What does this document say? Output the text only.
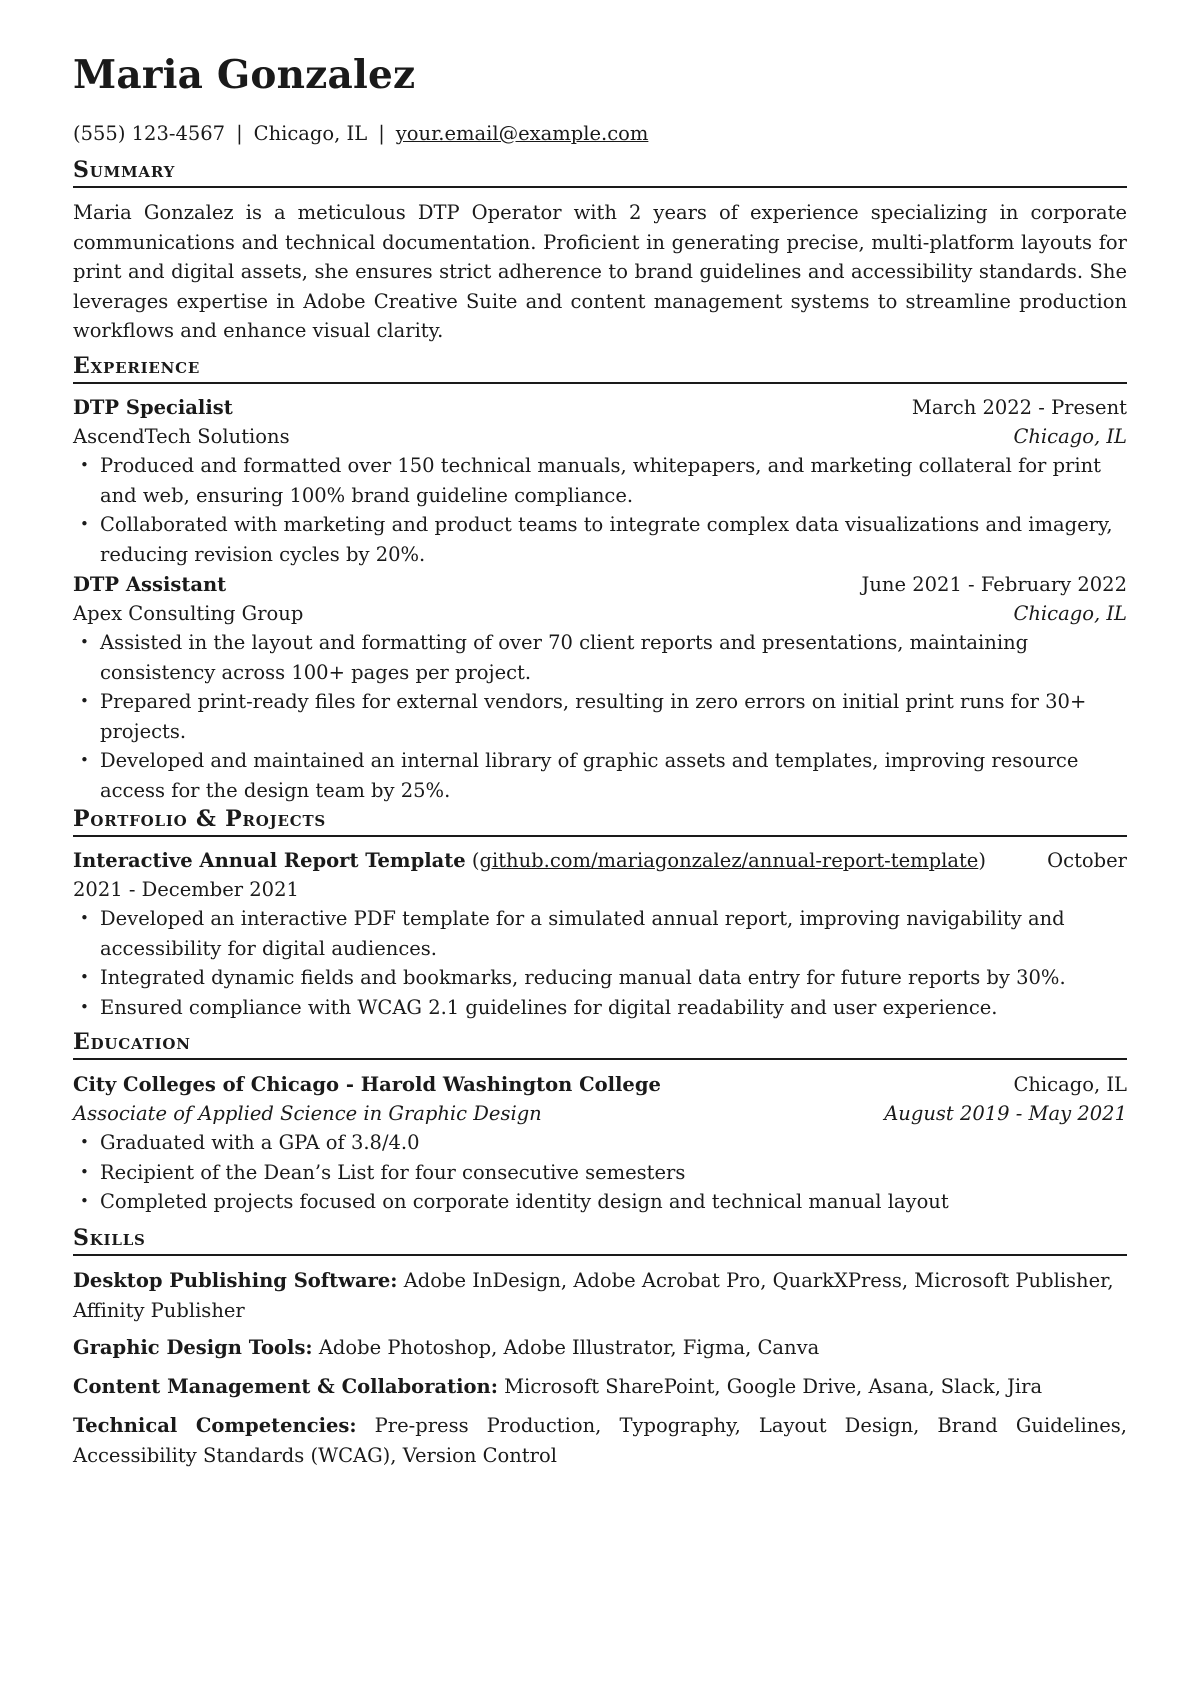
Maria Gonzalez
(555) 123-4567 | Chicago, IL | your.email@example.com
Summary
Maria Gonzalez is a meticulous DTP Operator with 2 years of experience specializing in corporate communications and technical documentation. Proficient in generating precise, multi-platform layouts for print and digital assets, she ensures strict adherence to brand guidelines and accessibility standards. She leverages expertise in Adobe Creative Suite and content management systems to streamline production workflows and enhance visual clarity.
Experience
DTP Specialist	March 2022 - Present
AscendTech Solutions	Chicago, IL
• Produced and formatted over 150 technical manuals, whitepapers, and marketing collateral for print and web, ensuring 100% brand guideline compliance.
• Collaborated with marketing and product teams to integrate complex data visualizations and imagery, reducing revision cycles by 20%.
DTP Assistant	June 2021 - February 2022
Apex Consulting Group	Chicago, IL
• Assisted in the layout and formatting of over 70 client reports and presentations, maintaining consistency across 100+ pages per project.
• Prepared print-ready files for external vendors, resulting in zero errors on initial print runs for 30+ projects.
• Developed and maintained an internal library of graphic assets and templates, improving resource access for the design team by 25%.
Portfolio & Projects
Interactive Annual Report Template (github.com/mariagonzalez/annual-report-template)	October
2021 - December 2021
• Developed an interactive PDF template for a simulated annual report, improving navigability and accessibility for digital audiences.
• Integrated dynamic fields and bookmarks, reducing manual data entry for future reports by 30%.
• Ensured compliance with WCAG 2.1 guidelines for digital readability and user experience.
Education
City Colleges of Chicago - Harold Washington College	Chicago, IL
Associate of Applied Science in Graphic Design	August 2019 - May 2021
• Graduated with a GPA of 3.8/4.0
• Recipient of the Dean’s List for four consecutive semesters
• Completed projects focused on corporate identity design and technical manual layout
Skills
Desktop Publishing Software: Adobe InDesign, Adobe Acrobat Pro, QuarkXPress, Microsoft Publisher, Affinity Publisher
Graphic Design Tools: Adobe Photoshop, Adobe Illustrator, Figma, Canva
Content Management & Collaboration: Microsoft SharePoint, Google Drive, Asana, Slack, Jira
Technical Competencies: Pre-press Production, Typography, Layout Design, Brand Guidelines, Accessibility Standards (WCAG), Version Control
